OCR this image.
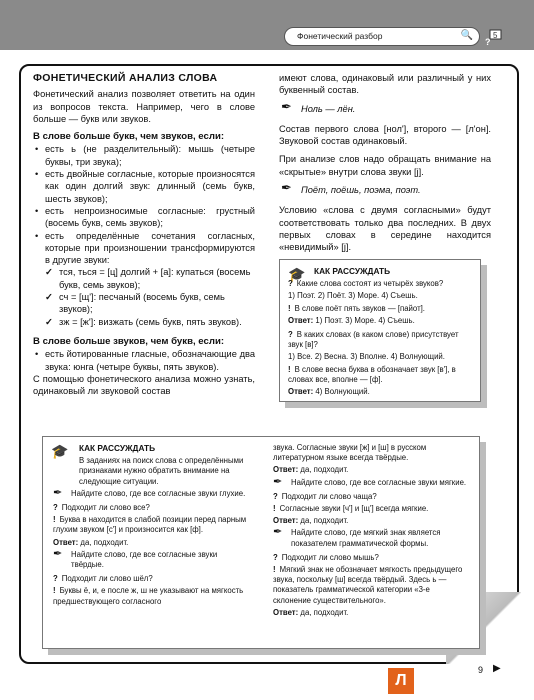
Фонетический разбор	🔍	5
?
ФОНЕТИЧЕСКИЙ АНАЛИЗ СЛОВА
Фонетический анализ позволяет ответить на один из вопросов текста. Например, чего в слове больше — букв или звуков.
В слове больше букв, чем звуков, если:
• есть ь (не разделительный): мышь (четыре буквы, три звука);
• есть двойные согласные, которые произносятся как один долгий звук: длинный (семь букв, шесть звуков);
• есть непроизносимые согласные: грустный (восемь букв, семь звуков);
• есть определённые сочетания согласных, которые при произношении трансформируются в другие звуки:
✓ тся, ться = [ц] долгий + [а]: купаться (восемь букв, семь звуков);
✓ сч = [щ']: песчаный (восемь букв, семь звуков);
✓ зж = [ж']: визжать (семь букв, пять звуков).
В слове больше звуков, чем букв, если:
• есть йотированные гласные, обозначающие два звука: юнга (четыре буквы, пять звуков).
С помощью фонетического анализа можно узнать, одинаковый ли звуковой состав
имеют слова, одинаковый или различный у них буквенный состав.
✒ Ноль — лён.
Состав первого слова [нол'], второго — [л'он]. Звуковой состав одинаковый.
При анализе слов надо обращать внимание на «скрытые» внутри слова звуки [j].
✒ Поёт, поёшь, поэма, поэт.
Условию «слова с двумя согласными» будут соответствовать только два последних. В двух первых словах в середине находится «невидимый» [j].
🎓	КАК РАССУЖДАТЬ
? Какие слова состоят из четырёх звуков?
1) Поэт. 2) Поёт. 3) Море. 4) Съешь.
! В слове поёт пять звуков — [пайот].
Ответ: 1) Поэт. 3) Море. 4) Съешь.
? В каких словах (в каком слове) присутствует звук [в]?
1) Все. 2) Весна. 3) Вполне. 4) Волнующий.
! В слове весна буква в обозначает звук [в'], в словах все, вполне — [ф].
Ответ: 4) Волнующий.
🎓	КАК РАССУЖДАТЬ
В заданиях на поиск слова с определёнными признаками нужно обратить внимание на следующие ситуации.
✒ Найдите слово, где все согласные звуки глухие.
? Подходит ли слово все?
! Буква в находится в слабой позиции перед парным глухим звуком [с'] и произносится как [ф].
Ответ: да, подходит.
✒ Найдите слово, где все согласные звуки твёрдые.
? Подходит ли слово шёл?
! Буквы ё, и, е после ж, ш не указывают на мягкость предшествующего согласного
звука. Согласные звуки [ж] и [ш] в русском литературном языке всегда твёрдые.
Ответ: да, подходит.
✒ Найдите слово, где все согласные звуки мягкие.
? Подходит ли слово чаща?
! Согласные звуки [ч'] и [щ'] всегда мягкие.
Ответ: да, подходит.
✒ Найдите слово, где мягкий знак является показателем грамматической формы.
? Подходит ли слово мышь?
! Мягкий знак не обозначает мягкость предыдущего звука, поскольку [ш] всегда твёрдый. Здесь ь — показатель грамматической категории «3-е склонение существительного».
Ответ: да, подходит.
Л
9 ▶
